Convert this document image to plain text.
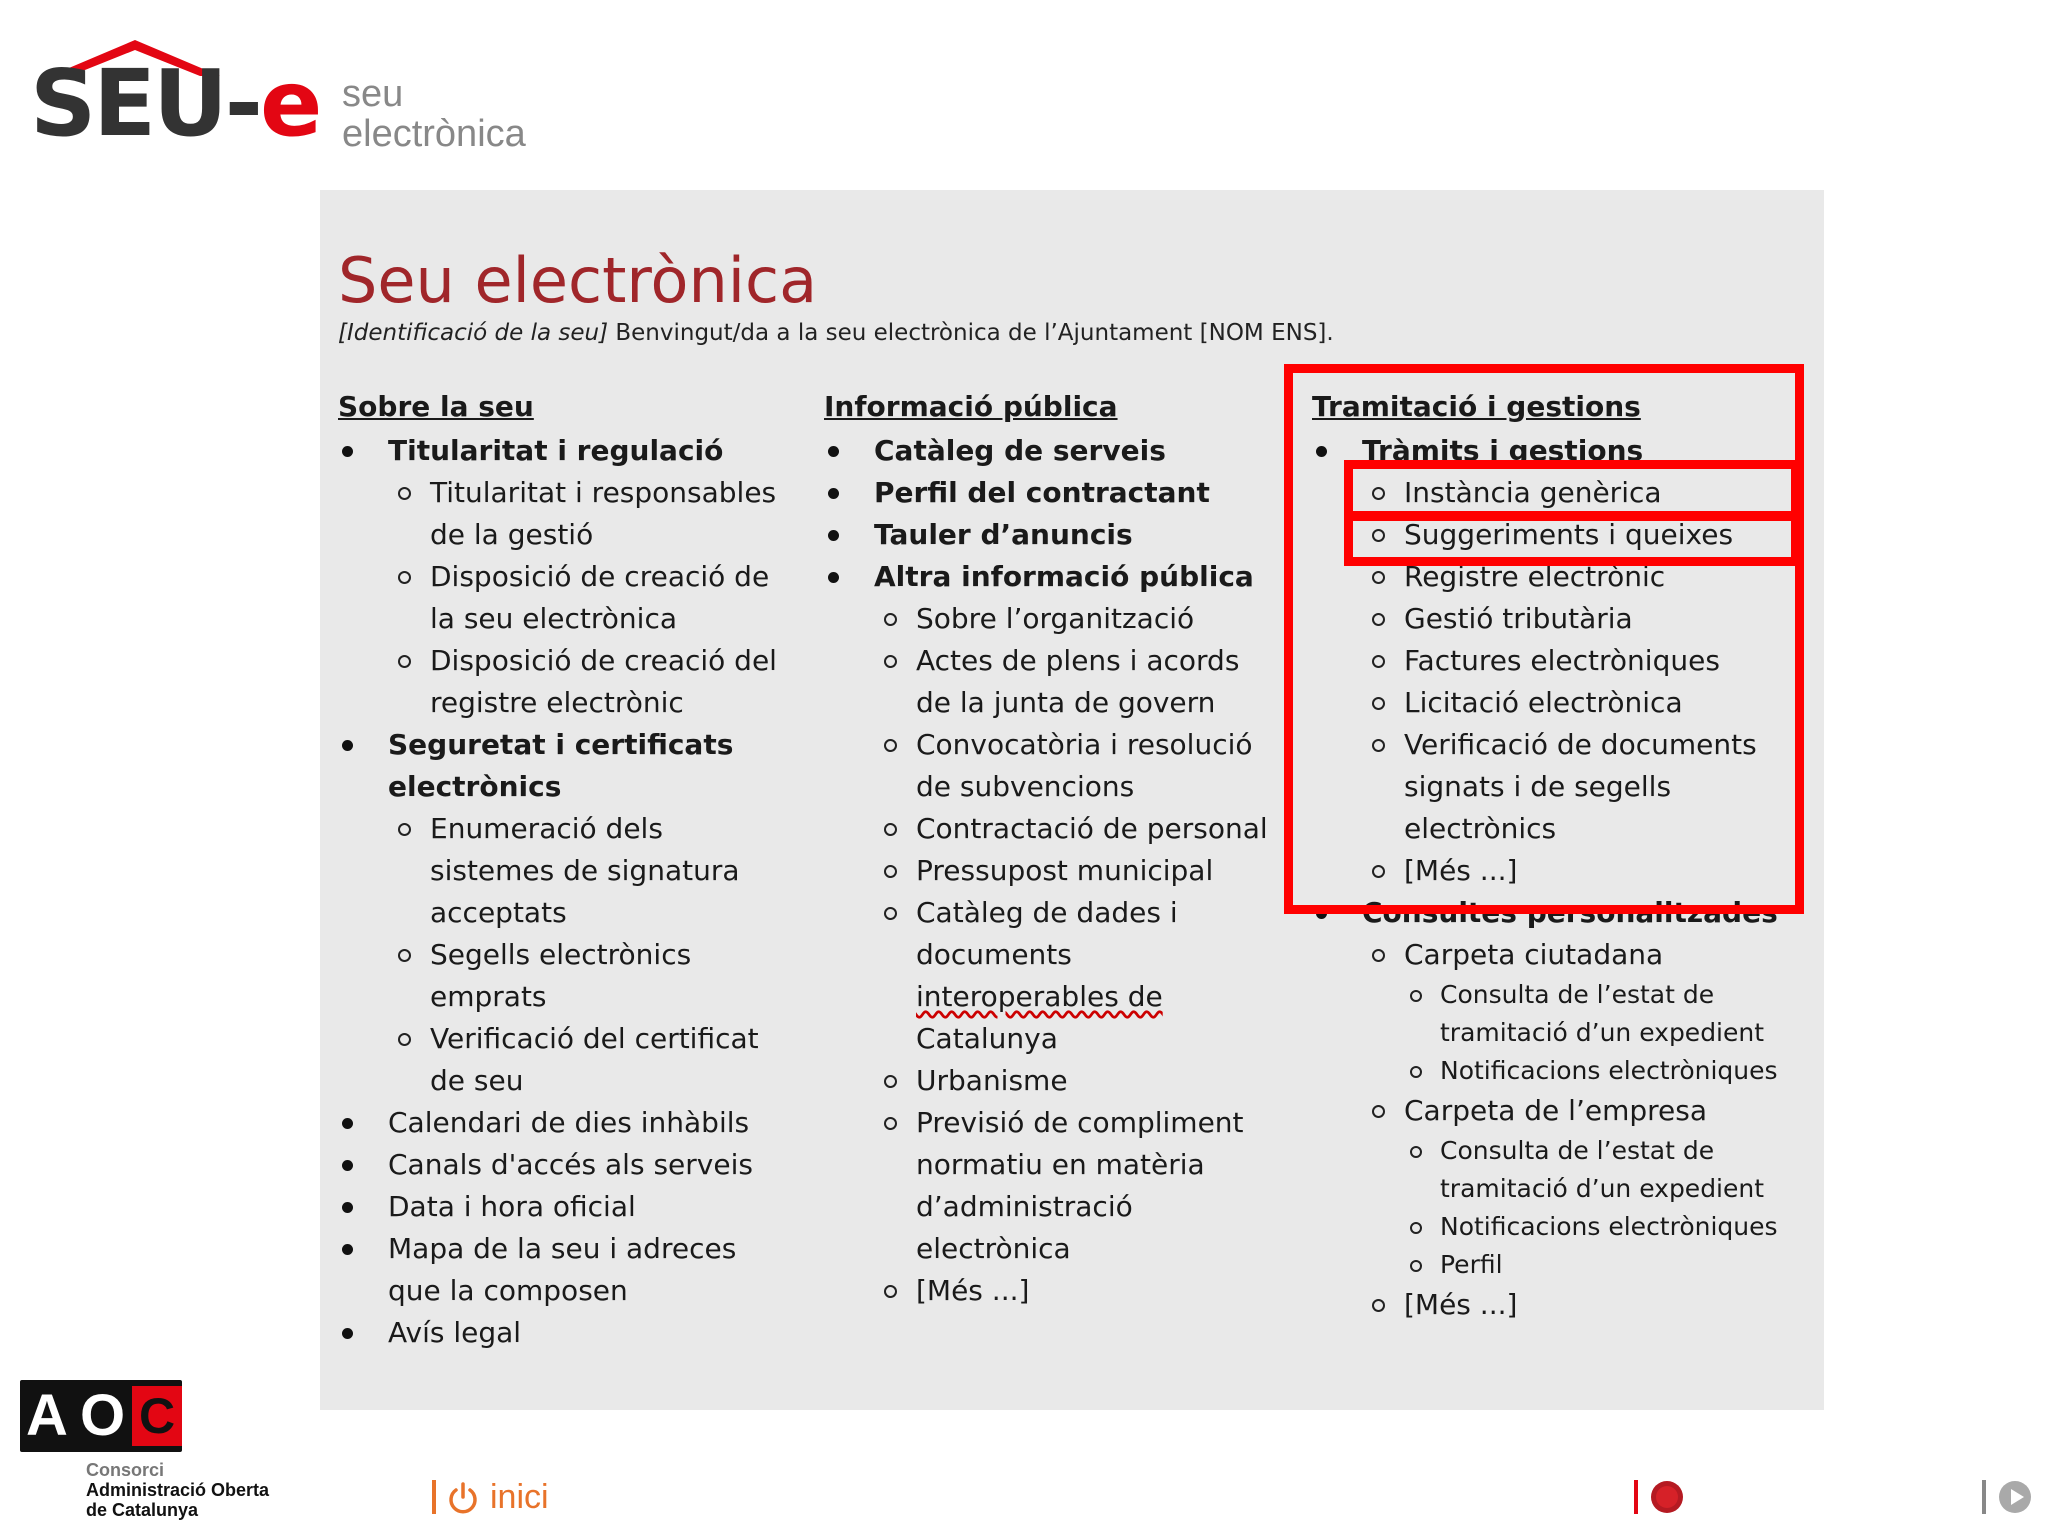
SEU-e seu
electrònica
Seu electrònica
[Identificació de la seu] Benvingut/da a la seu electrònica de l’Ajuntament [NOM ENS].
Sobre la seu
Titularitat i regulació
Titularitat i responsables
de la gestió
Disposició de creació de
la seu electrònica
Disposició de creació del
registre electrònic
Seguretat i certificats
electrònics
Enumeració dels
sistemes de signatura
acceptats
Segells electrònics
emprats
Verificació del certificat
de seu
Calendari de dies inhàbils
Canals d'accés als serveis
Data i hora oficial
Mapa de la seu i adreces
que la composen
Avís legal
Informació pública
Catàleg de serveis
Perfil del contractant
Tauler d’anuncis
Altra informació pública
Sobre l’organització
Actes de plens i acords
de la junta de govern
Convocatòria i resolució
de subvencions
Contractació de personal
Pressupost municipal
Catàleg de dades i
documents
interoperables de
Catalunya
Urbanisme
Previsió de compliment
normatiu en matèria
d’administració
electrònica
[Més ...]
Tramitació i gestions
Tràmits i gestions
Instància genèrica
Suggeriments i queixes
Registre electrònic
Gestió tributària
Factures electròniques
Licitació electrònica
Verificació de documents
signats i de segells
electrònics
[Més ...]
Consultes personalitzades
Carpeta ciutadana
Consulta de l’estat de
tramitació d’un expedient
Notificacions electròniques
Carpeta de l’empresa
Consulta de l’estat de
tramitació d’un expedient
Notificacions electròniques
Perfil
[Més ...]
A O C
Consorci
Administració Oberta
de Catalunya	inici
